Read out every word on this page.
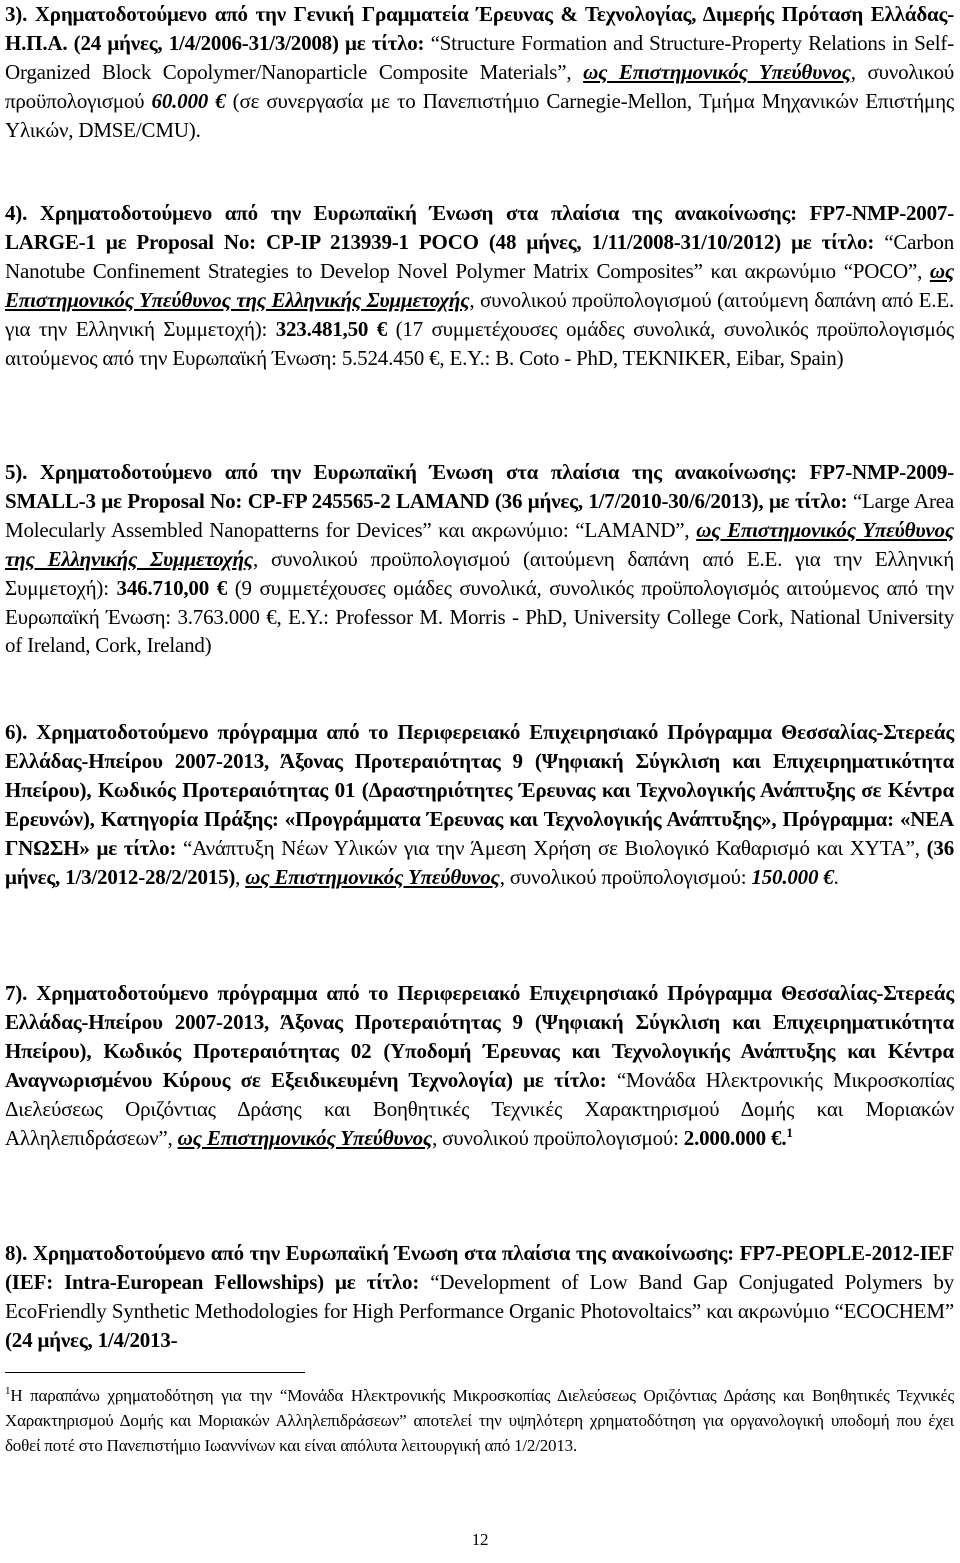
3). Χρηματοδοτούμενο από την Γενική Γραμματεία Έρευνας & Τεχνολογίας, Διμερής Πρόταση Ελλάδας-Η.Π.Α. (24 μήνες, 1/4/2006-31/3/2008) με τίτλο: “Structure Formation and Structure-Property Relations in Self-Organized Block Copolymer/Nanoparticle Composite Materials”, ως Επιστημονικός Υπεύθυνος, συνολικού προϋπολογισμού 60.000 € (σε συνεργασία με το Πανεπιστήμιο Carnegie-Mellon, Τμήμα Μηχανικών Επιστήμης Υλικών, DMSE/CMU).

4). Χρηματοδοτούμενο από την Ευρωπαϊκή Ένωση στα πλαίσια της ανακοίνωσης: FP7-NMP-2007-LARGE-1 με Proposal No: CP-IP 213939-1 POCO (48 μήνες, 1/11/2008-31/10/2012) με τίτλο: “Carbon Nanotube Confinement Strategies to Develop Novel Polymer Matrix Composites” και ακρωνύμιο “POCO”, ως Επιστημονικός Υπεύθυνος της Ελληνικής Συμμετοχής, συνολικού προϋπολογισμού (αιτούμενη δαπάνη από Ε.Ε. για την Ελληνική Συμμετοχή): 323.481,50 € (17 συμμετέχουσες ομάδες συνολικά, συνολικός προϋπολογισμός αιτούμενος από την Ευρωπαϊκή Ένωση: 5.524.450 €, Ε.Υ.: B. Coto - PhD, TEKNIKER, Eibar, Spain)

5). Χρηματοδοτούμενο από την Ευρωπαϊκή Ένωση στα πλαίσια της ανακοίνωσης: FP7-NMP-2009-SMALL-3 με Proposal No: CP-FP 245565-2 LAMAND (36 μήνες, 1/7/2010-30/6/2013), με τίτλο: “Large Area Molecularly Assembled Nanopatterns for Devices” και ακρωνύμιο: “LAMAND”, ως Επιστημονικός Υπεύθυνος της Ελληνικής Συμμετοχής, συνολικού προϋπολογισμού (αιτούμενη δαπάνη από Ε.Ε. για την Ελληνική Συμμετοχή): 346.710,00 € (9 συμμετέχουσες ομάδες συνολικά, συνολικός προϋπολογισμός αιτούμενος από την Ευρωπαϊκή Ένωση: 3.763.000 €, Ε.Υ.: Professor M. Morris - PhD, University College Cork, National University of Ireland, Cork, Ireland)

6). Χρηματοδοτούμενο πρόγραμμα από το Περιφερειακό Επιχειρησιακό Πρόγραμμα Θεσσαλίας-Στερεάς Ελλάδας-Ηπείρου 2007-2013, Άξονας Προτεραιότητας 9 (Ψηφιακή Σύγκλιση και Επιχειρηματικότητα Ηπείρου), Κωδικός Προτεραιότητας 01 (Δραστηριότητες Έρευνας και Τεχνολογικής Ανάπτυξης σε Κέντρα Ερευνών), Κατηγορία Πράξης: «Προγράμματα Έρευνας και Τεχνολογικής Ανάπτυξης», Πρόγραμμα: «ΝΕΑ ΓΝΩΣΗ» με τίτλο: “Ανάπτυξη Νέων Υλικών για την Άμεση Χρήση σε Βιολογικό Καθαρισμό και ΧΥΤΑ”, (36 μήνες, 1/3/2012-28/2/2015), ως Επιστημονικός Υπεύθυνος, συνολικού προϋπολογισμού: 150.000 €.

7). Χρηματοδοτούμενο πρόγραμμα από το Περιφερειακό Επιχειρησιακό Πρόγραμμα Θεσσαλίας-Στερεάς Ελλάδας-Ηπείρου 2007-2013, Άξονας Προτεραιότητας 9 (Ψηφιακή Σύγκλιση και Επιχειρηματικότητα Ηπείρου), Κωδικός Προτεραιότητας 02 (Υποδομή Έρευνας και Τεχνολογικής Ανάπτυξης και Κέντρα Αναγνωρισμένου Κύρους σε Εξειδικευμένη Τεχνολογία) με τίτλο: “Μονάδα Ηλεκτρονικής Μικροσκοπίας Διελεύσεως Οριζόντιας Δράσης και Βοηθητικές Τεχνικές Χαρακτηρισμού Δομής και Μοριακών Αλληλεπιδράσεων”, ως Επιστημονικός Υπεύθυνος, συνολικού προϋπολογισμού: 2.000.000 €.$^1$

8). Χρηματοδοτούμενο από την Ευρωπαϊκή Ένωση στα πλαίσια της ανακοίνωσης: FP7-PEOPLE-2012-IEF (IEF: Intra-European Fellowships) με τίτλο: “Development of Low Band Gap Conjugated Polymers by EcoFriendly Synthetic Methodologies for High Performance Organic Photovoltaics” και ακρωνύμιο “ECOCHEM” (24 μήνες, 1/4/2013-

$^1$Η παραπάνω χρηματοδότηση για την “Μονάδα Ηλεκτρονικής Μικροσκοπίας Διελεύσεως Οριζόντιας Δράσης και Βοηθητικές Τεχνικές Χαρακτηρισμού Δομής και Μοριακών Αλληλεπιδράσεων” αποτελεί την υψηλότερη χρηματοδότηση για οργανολογική υποδομή που έχει δοθεί ποτέ στο Πανεπιστήμιο Ιωαννίνων και είναι απόλυτα λειτουργική από 1/2/2013.

12
